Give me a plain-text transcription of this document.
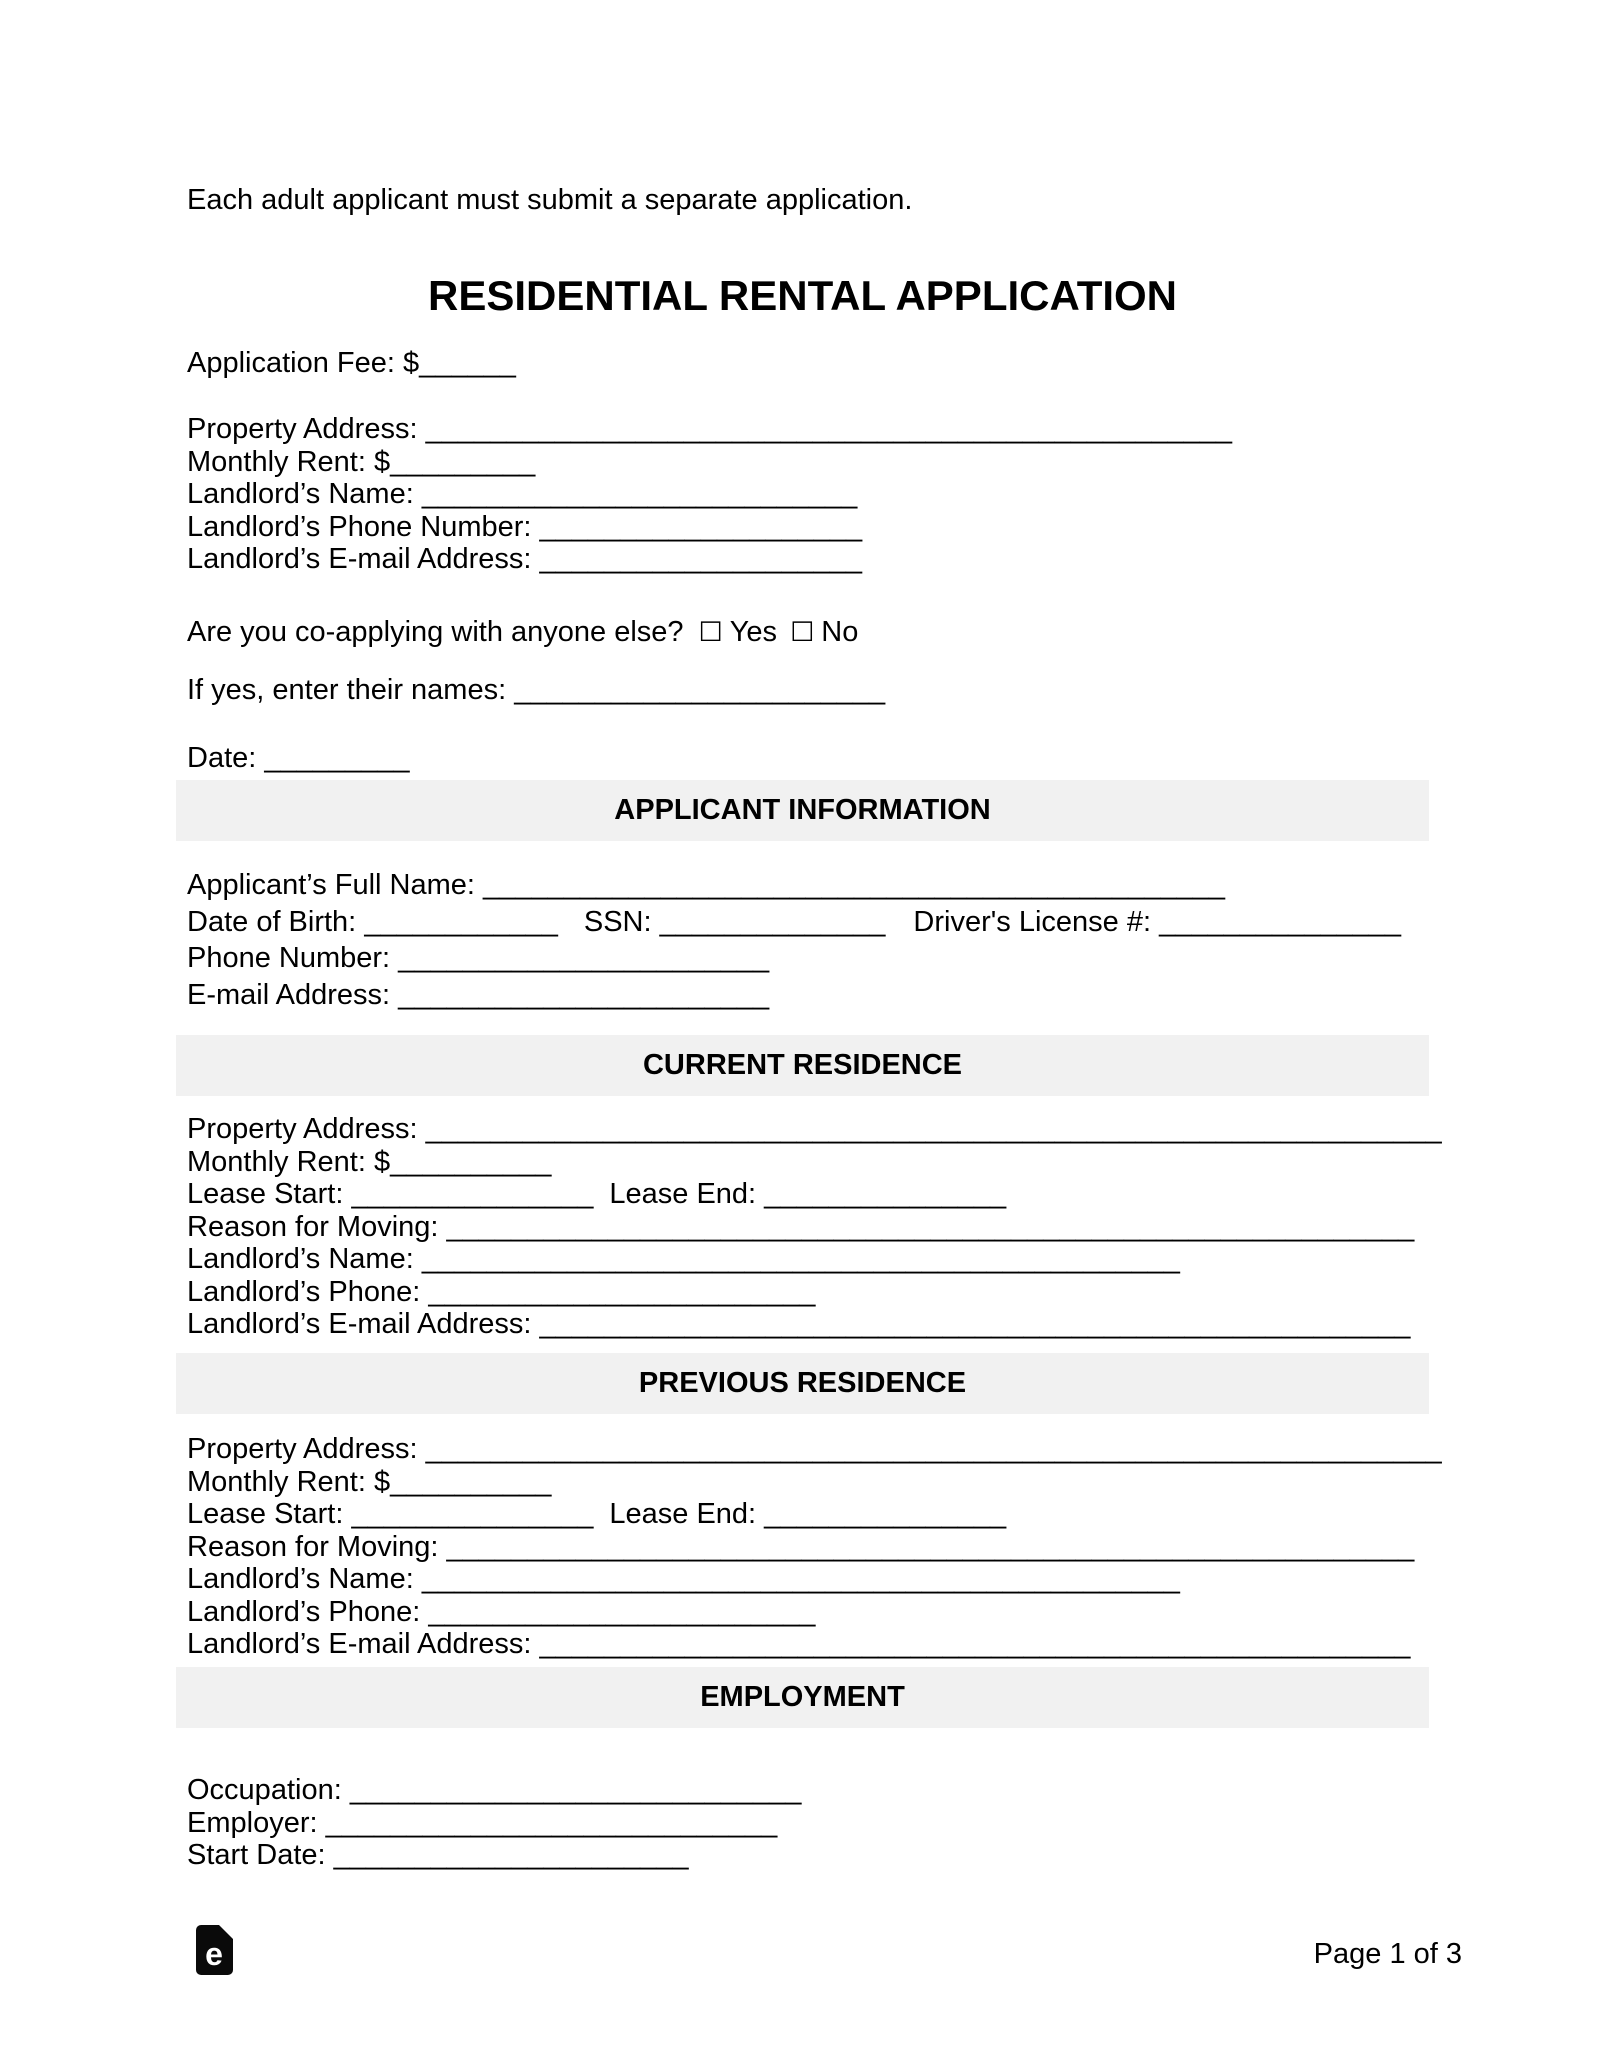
Each adult applicant must submit a separate application.
RESIDENTIAL RENTAL APPLICATION
Application Fee: $______
Property Address: __________________________________________________
Monthly Rent: $_________
Landlord’s Name: ___________________________
Landlord’s Phone Number: ____________________
Landlord’s E-mail Address: ____________________
Are you co-applying with anyone else? ☐ Yes ☐ No
If yes, enter their names: _______________________
Date: _________
APPLICANT INFORMATION
Applicant’s Full Name: ______________________________________________
Date of Birth: ____________ SSN: ______________ Driver's License #: _______________
Phone Number: _______________________
E-mail Address: _______________________
CURRENT RESIDENCE
Property Address: _______________________________________________________________
Monthly Rent: $__________
Lease Start: _______________ Lease End: _______________
Reason for Moving: ____________________________________________________________
Landlord’s Name: _______________________________________________
Landlord’s Phone: ________________________
Landlord’s E-mail Address: ______________________________________________________
PREVIOUS RESIDENCE
Property Address: _______________________________________________________________
Monthly Rent: $__________
Lease Start: _______________ Lease End: _______________
Reason for Moving: ____________________________________________________________
Landlord’s Name: _______________________________________________
Landlord’s Phone: ________________________
Landlord’s E-mail Address: ______________________________________________________
EMPLOYMENT
Occupation: ____________________________
Employer: ____________________________
Start Date: ______________________
e	Page 1 of 3
